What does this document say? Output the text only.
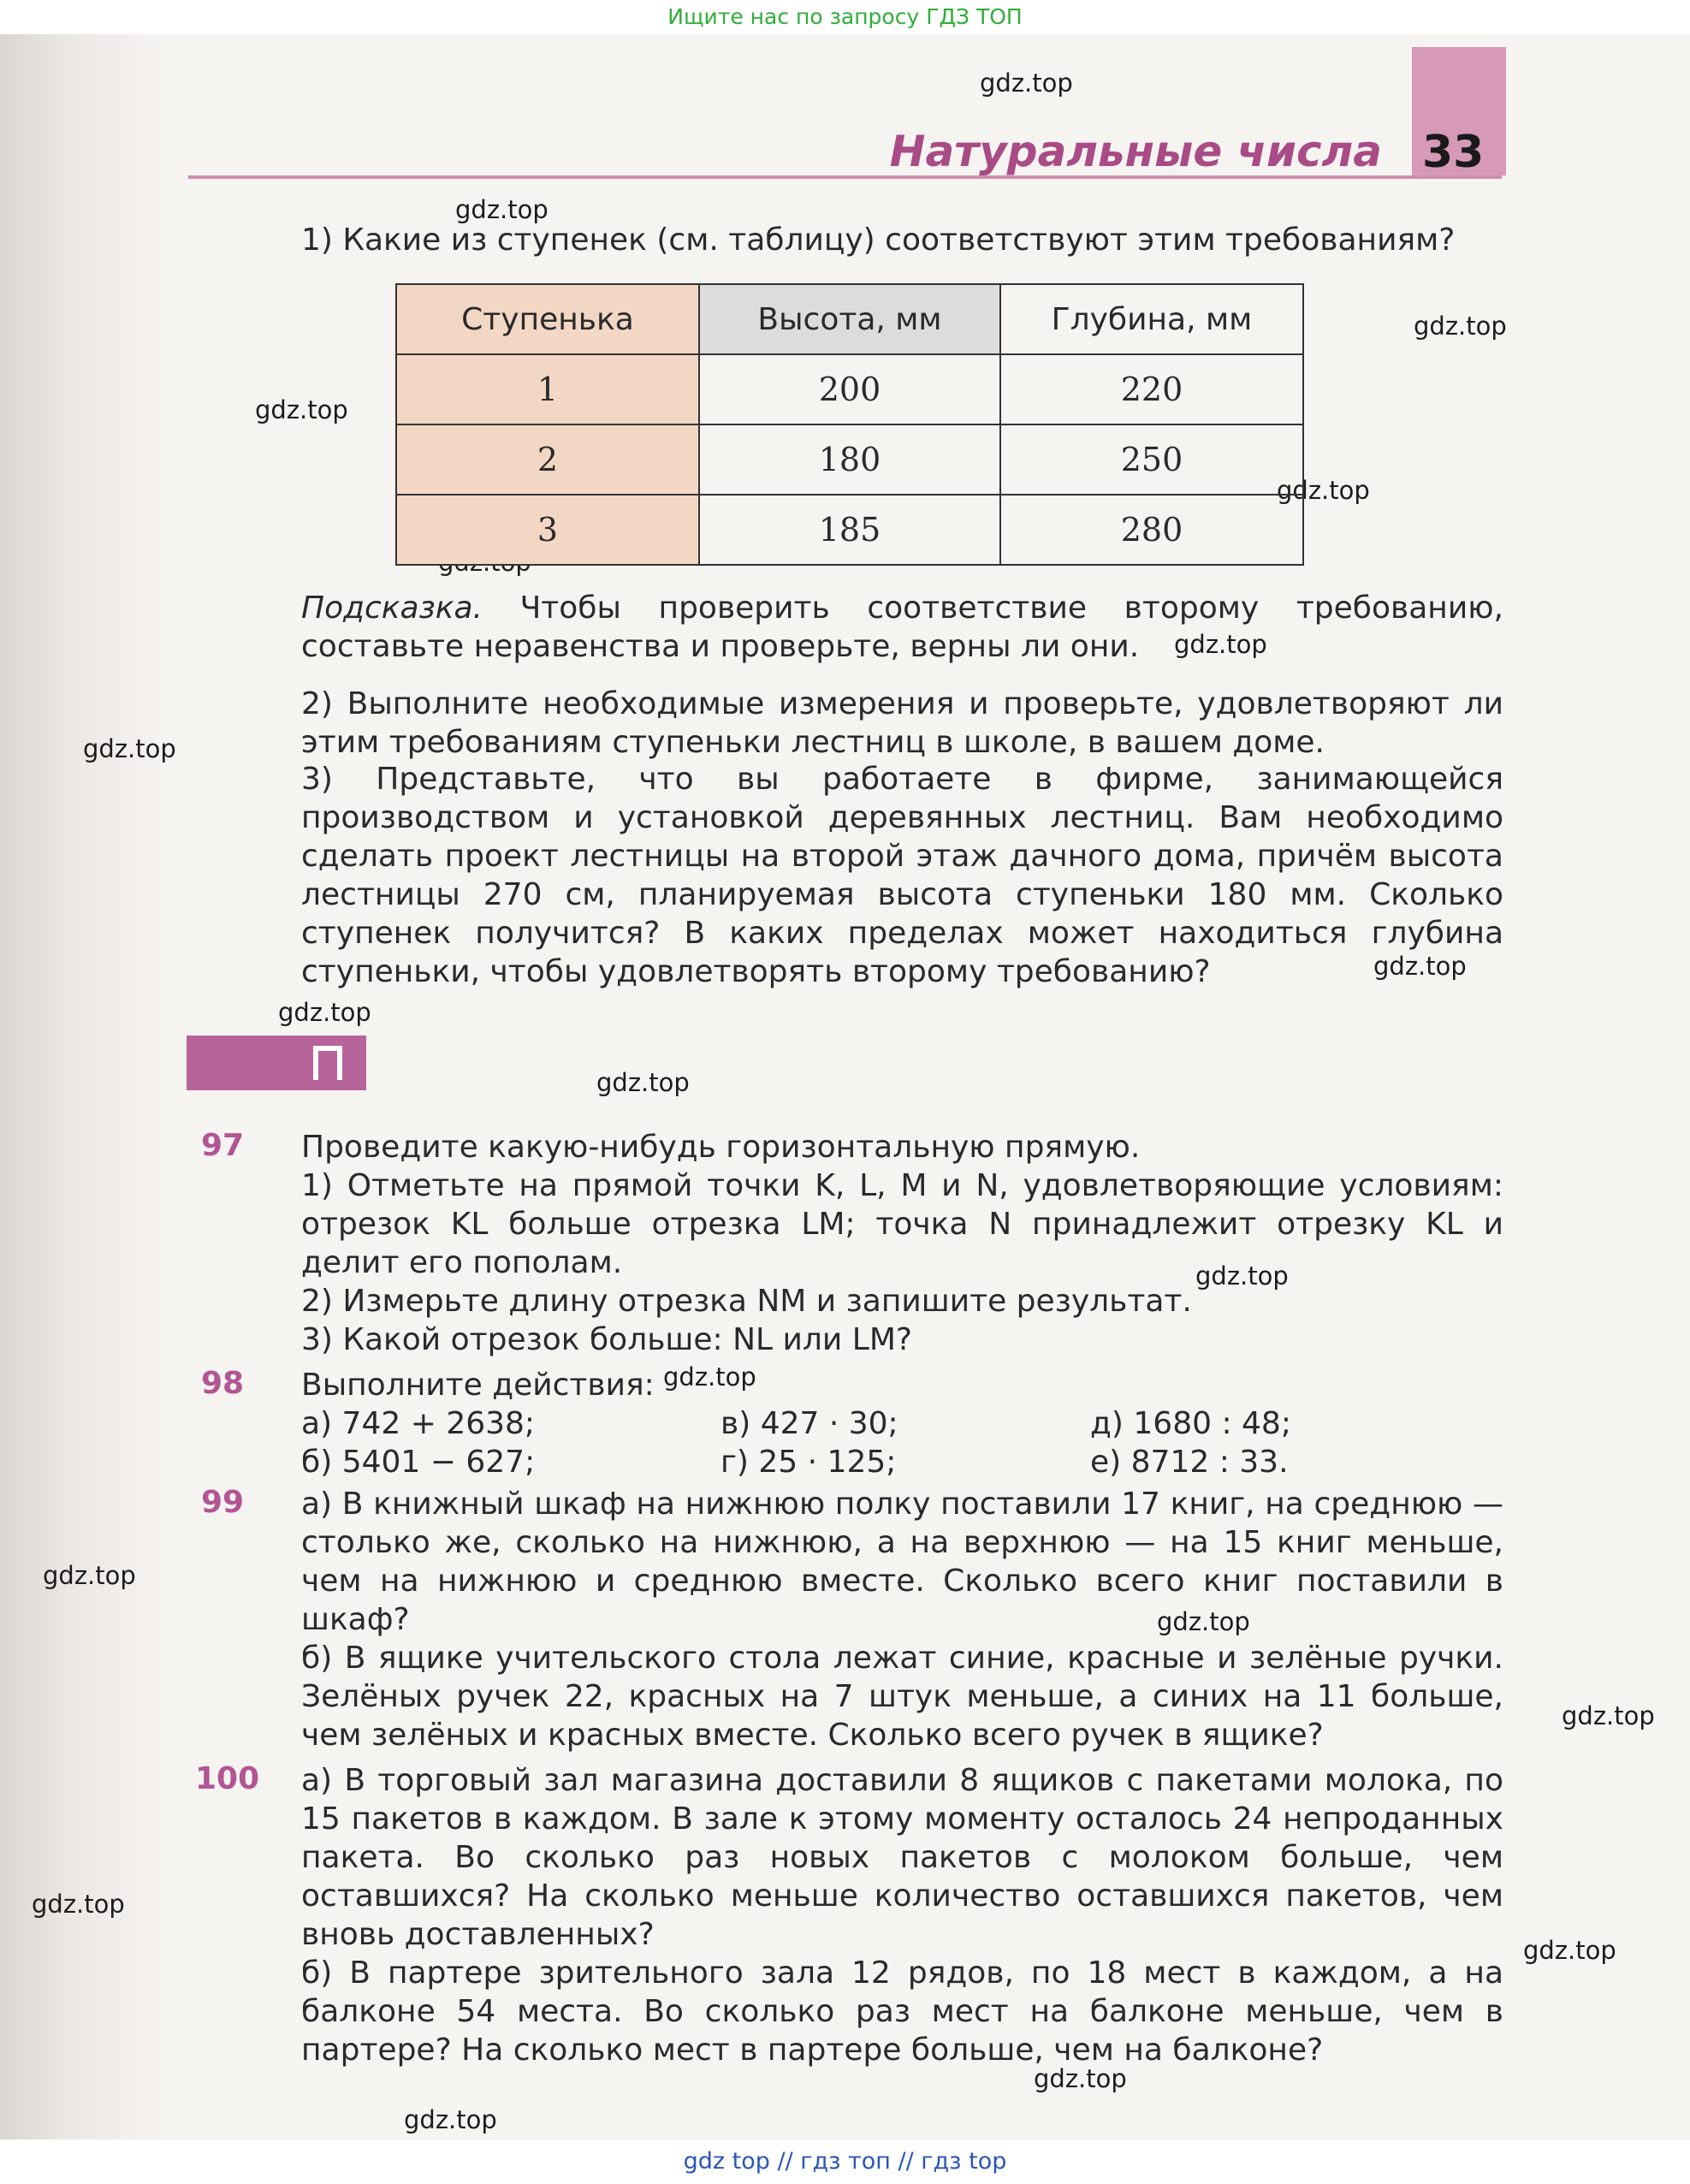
Ищите нас по запросу ГДЗ ТОП
Натуральные числа 33
gdz.top
gdz.top
gdz.top
gdz.top
gdz.top
gdz.top
gdz.top
gdz.top
gdz.top
gdz.top
gdz.top
gdz.top
gdz.top
gdz.top
gdz.top
gdz.top
gdz.top
gdz.top
gdz.top

1) Какие из ступенек (см. таблицу) соответствуют этим требованиям?

Ступенька	Высота, мм	Глубина, мм
1	200	220
2	180	250
3	185	280

Подсказка. Чтобы проверить соответствие второму требованию, составьте неравенства и проверьте, верны ли они.

2) Выполните необходимые измерения и проверьте, удовлетворяют ли этим требованиям ступеньки лестниц в школе, в вашем доме.

3) Представьте, что вы работаете в фирме, занимающейся производством и установкой деревянных лестниц. Вам необходимо сделать проект лестницы на второй этаж дачного дома, причём высота лестницы 270 см, планируемая высота ступеньки 180 мм. Сколько ступенек получится? В каких пределах может находиться глубина ступеньки, чтобы удовлетворять второму требованию?

97 Проведите какую-нибудь горизонтальную прямую.

1) Отметьте на прямой точки K, L, M и N, удовлетворяющие условиям: отрезок KL больше отрезка LM; точка N принадлежит отрезку KL и делит его пополам.

2) Измерьте длину отрезка NM и запишите результат.

3) Какой отрезок больше: NL или LM?

98 Выполните действия:

а) 742 + 2638;
б) 5401 − 627;
в) 427 · 30;
г) 25 · 125;
д) 1680 : 48;
е) 8712 : 33.
99 а) В книжный шкаф на нижнюю полку поставили 17 книг, на среднюю — столько же, сколько на нижнюю, а на верхнюю — на 15 книг меньше, чем на нижнюю и среднюю вместе. Сколько всего книг поставили в шкаф?

б) В ящике учительского стола лежат синие, красные и зелёные ручки. Зелёных ручек 22, красных на 7 штук меньше, а синих на 11 больше, чем зелёных и красных вместе. Сколько всего ручек в ящике?

100 а) В торговый зал магазина доставили 8 ящиков с пакетами молока, по 15 пакетов в каждом. В зале к этому моменту осталось 24 непроданных пакета. Во сколько раз новых пакетов с молоком больше, чем оставшихся? На сколько меньше количество оставшихся пакетов, чем вновь доставленных?

б) В партере зрительного зала 12 рядов, по 18 мест в каждом, а на балконе 54 места. Во сколько раз мест на балконе меньше, чем в партере? На сколько мест в партере больше, чем на балконе?

gdz top // гдз топ // гдз top
